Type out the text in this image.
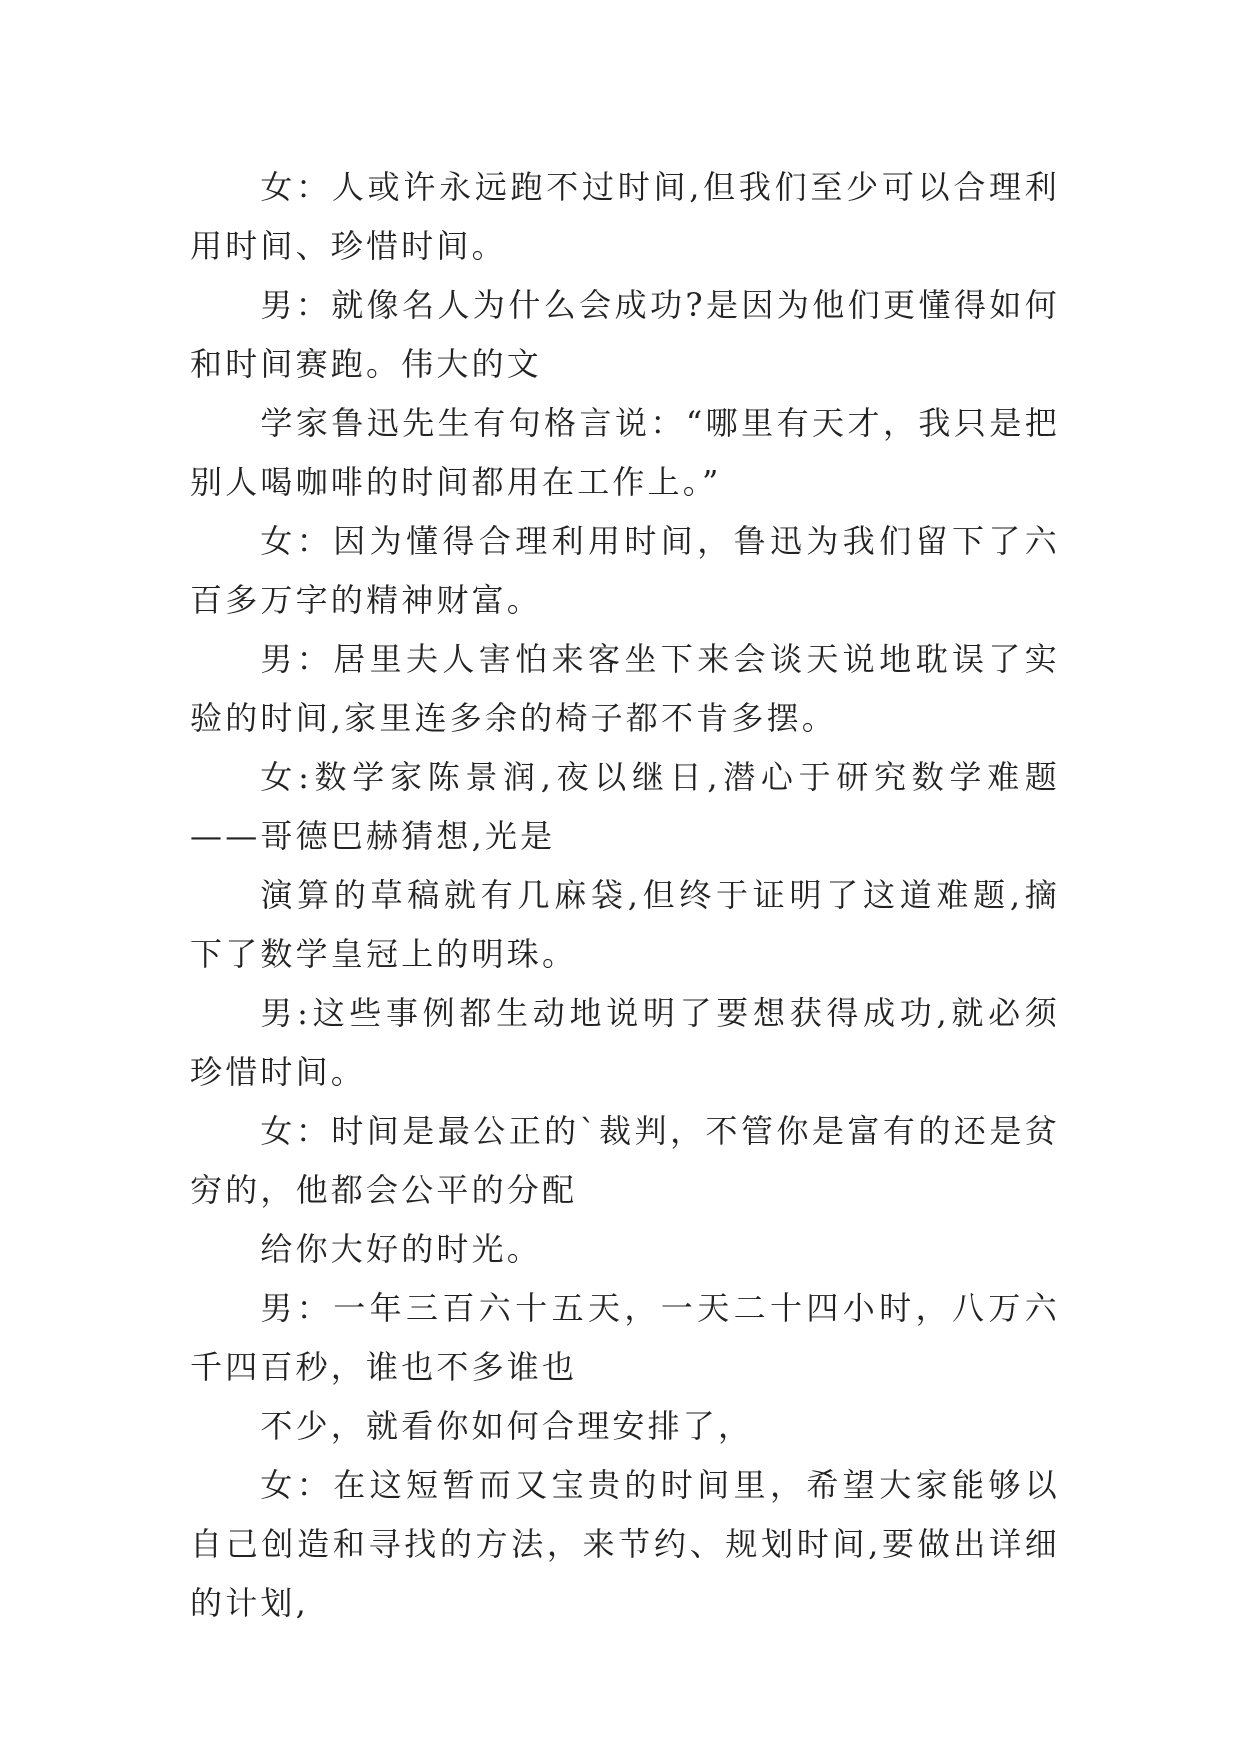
女：人或许永远跑不过时间,但我们至少可以合理利用时间、珍惜时间。

男：就像名人为什么会成功?是因为他们更懂得如何和时间赛跑。伟大的文

学家鲁迅先生有句格言说：“哪里有天才，我只是把别人喝咖啡的时间都用在工作上。”

女：因为懂得合理利用时间，鲁迅为我们留下了六百多万字的精神财富。

男：居里夫人害怕来客坐下来会谈天说地耽误了实验的时间,家里连多余的椅子都不肯多摆。

女:数学家陈景润,夜以继日,潜心于研究数学难题——哥德巴赫猜想,光是

演算的草稿就有几麻袋,但终于证明了这道难题,摘下了数学皇冠上的明珠。

男:这些事例都生动地说明了要想获得成功,就必须珍惜时间。

女：时间是最公正的`裁判，不管你是富有的还是贫穷的，他都会公平的分配

给你大好的时光。

男：一年三百六十五天，一天二十四小时，八万六千四百秒，谁也不多谁也

不少，就看你如何合理安排了，

女：在这短暂而又宝贵的时间里，希望大家能够以自己创造和寻找的方法，来节约、规划时间,要做出详细的计划,
